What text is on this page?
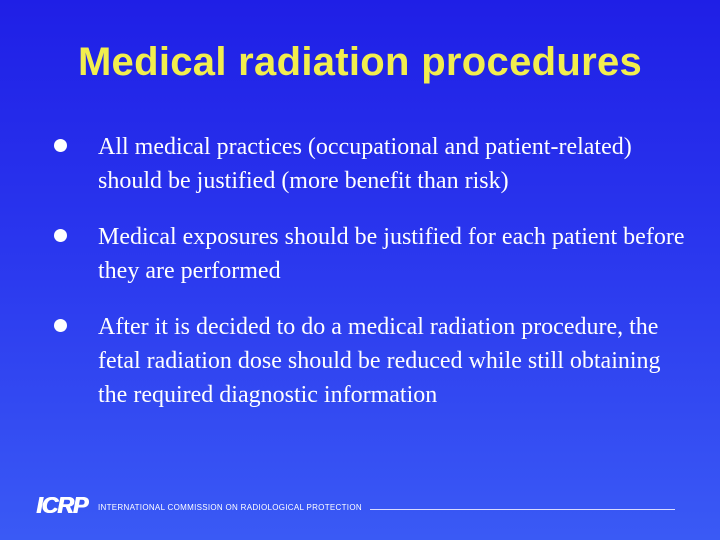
Medical radiation procedures
All medical practices (occupational and patient-related) should be justified (more benefit than risk)
Medical exposures should be justified for each patient before they are performed
After it is decided to do a medical radiation procedure, the fetal radiation dose should be reduced while still obtaining the required diagnostic information
ICRP INTERNATIONAL COMMISSION ON RADIOLOGICAL PROTECTION
